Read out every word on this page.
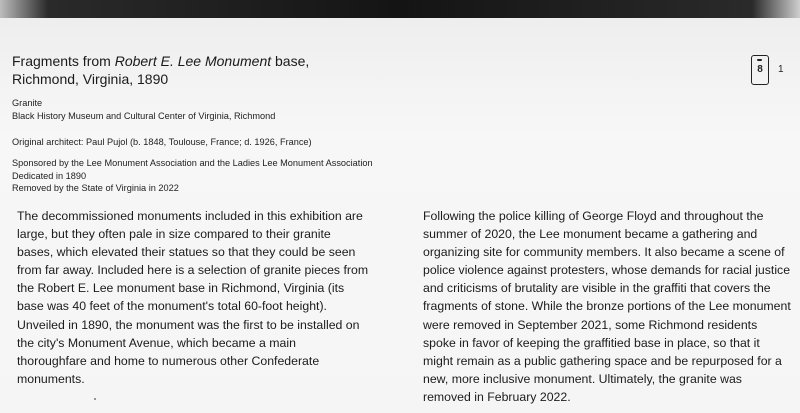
Fragments from Robert E. Lee Monument base,
Richmond, Virginia, 1890
Granite
Black History Museum and Cultural Center of Virginia, Richmond
Original architect: Paul Pujol (b. 1848, Toulouse, France; d. 1926, France)
Sponsored by the Lee Monument Association and the Ladies Lee Monument Association
Dedicated in 1890
Removed by the State of Virginia in 2022
8 1

The decommissioned monuments included in this exhibition are large, but they often pale in size compared to their granite bases, which elevated their statues so that they could be seen from far away. Included here is a selection of granite pieces from the Robert E. Lee monument base in Richmond, Virginia (its base was 40 feet of the monument's total 60-foot height). Unveiled in 1890, the monument was the first to be installed on the city's Monument Avenue, which became a main thoroughfare and home to numerous other Confederate monuments.

Following the police killing of George Floyd and throughout the summer of 2020, the Lee monument became a gathering and organizing site for community members. It also became a scene of police violence against protesters, whose demands for racial justice and criticisms of brutality are visible in the graffiti that covers the fragments of stone. While the bronze portions of the Lee monument were removed in September 2021, some Richmond residents spoke in favor of keeping the graffitied base in place, so that it might remain as a public gathering space and be repurposed for a new, more inclusive monument. Ultimately, the granite was removed in February 2022.
